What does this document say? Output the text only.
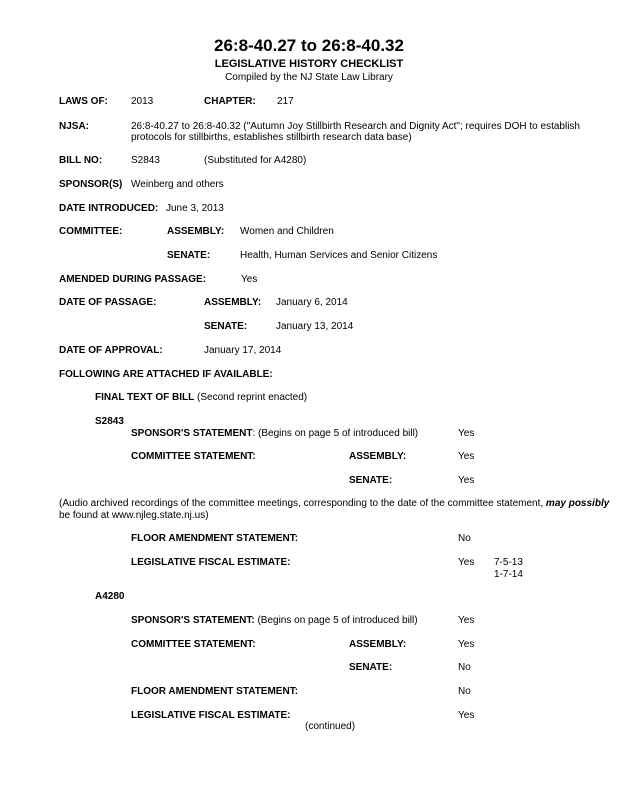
26:8-40.27 to 26:8-40.32
LEGISLATIVE HISTORY CHECKLIST
Compiled by the NJ State Law Library
LAWS OF: 2013	CHAPTER: 217
NJSA:	26:8-40.27 to 26:8-40.32 ("Autumn Joy Stillbirth Research and Dignity Act"; requires DOH to establish
protocols for stillbirths, establishes stillbirth research data base)
BILL NO:	S2843	(Substituted for A4280)
SPONSOR(S) Weinberg and others
DATE INTRODUCED: June 3, 2013
COMMITTEE:	ASSEMBLY: Women and Children
SENATE:	Health, Human Services and Senior Citizens
AMENDED DURING PASSAGE:	Yes
DATE OF PASSAGE:	ASSEMBLY: January 6, 2014
SENATE:	January 13, 2014
DATE OF APPROVAL:	January 17, 2014
FOLLOWING ARE ATTACHED IF AVAILABLE:
FINAL TEXT OF BILL (Second reprint enacted)
S2843
SPONSOR'S STATEMENT: (Begins on page 5 of introduced bill)	Yes
COMMITTEE STATEMENT:	ASSEMBLY:	Yes
SENATE:	Yes
(Audio archived recordings of the committee meetings, corresponding to the date of the committee statement, may possibly
be found at www.njleg.state.nj.us)
FLOOR AMENDMENT STATEMENT:	No
LEGISLATIVE FISCAL ESTIMATE:	Yes 7-5-13
1-7-14
A4280
SPONSOR'S STATEMENT: (Begins on page 5 of introduced bill)	Yes
COMMITTEE STATEMENT:	ASSEMBLY:	Yes
SENATE:	No
FLOOR AMENDMENT STATEMENT:	No
LEGISLATIVE FISCAL ESTIMATE:	Yes
(continued)
